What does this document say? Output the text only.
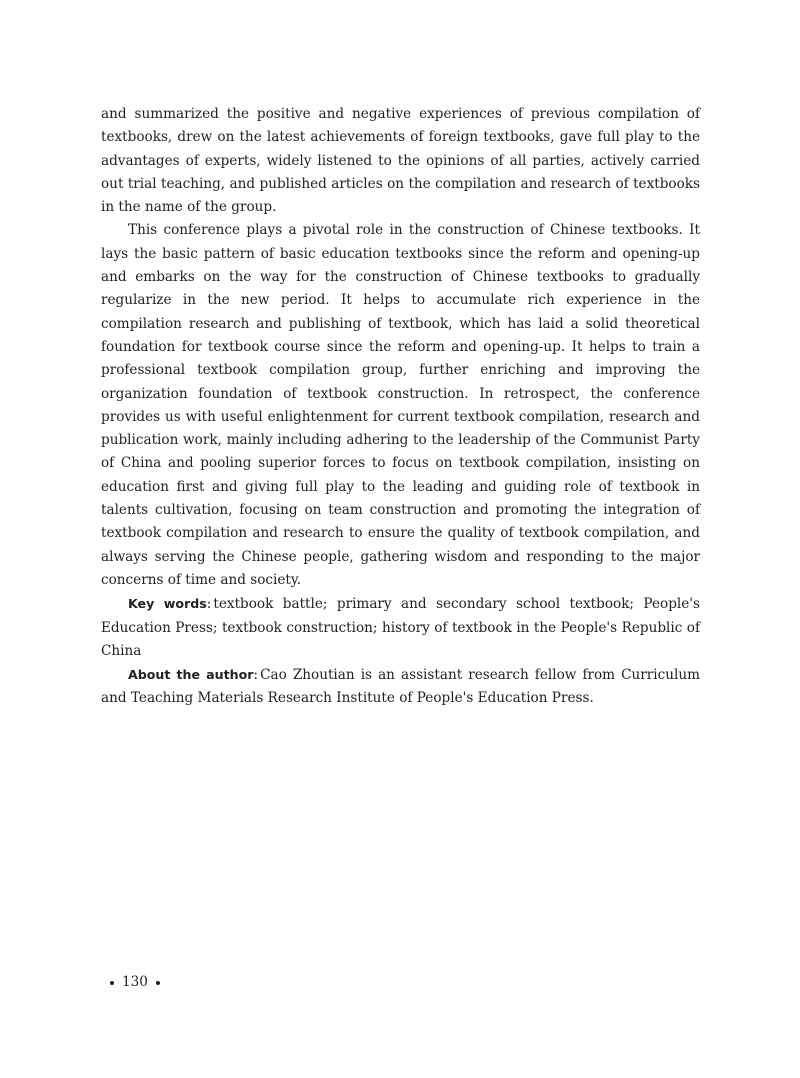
and summarized the positive and negative experiences of previous compilation of textbooks, drew on the latest achievements of foreign textbooks, gave full play to the advantages of experts, widely listened to the opinions of all parties, actively carried out trial teaching, and published articles on the compilation and research of textbooks in the name of the group.

This conference plays a pivotal role in the construction of Chinese textbooks. It lays the basic pattern of basic education textbooks since the reform and opening-up and embarks on the way for the construction of Chinese textbooks to gradually regularize in the new period. It helps to accumulate rich experience in the compilation research and publishing of textbook, which has laid a solid theoretical foundation for textbook course since the reform and opening-up. It helps to train a professional textbook compilation group, further enriching and improving the organization foundation of textbook construction. In retrospect, the conference provides us with useful enlightenment for current textbook compilation, research and publication work, mainly including adhering to the leadership of the Communist Party of China and pooling superior forces to focus on textbook compilation, insisting on education first and giving full play to the leading and guiding role of textbook in talents cultivation, focusing on team construction and promoting the integration of textbook compilation and research to ensure the quality of textbook compilation, and always serving the Chinese people, gathering wisdom and responding to the major concerns of time and society.

Key words: textbook battle; primary and secondary school textbook; People's Education Press; textbook construction; history of textbook in the People's Republic of China

About the author: Cao Zhoutian is an assistant research fellow from Curriculum and Teaching Materials Research Institute of People's Education Press.

130
